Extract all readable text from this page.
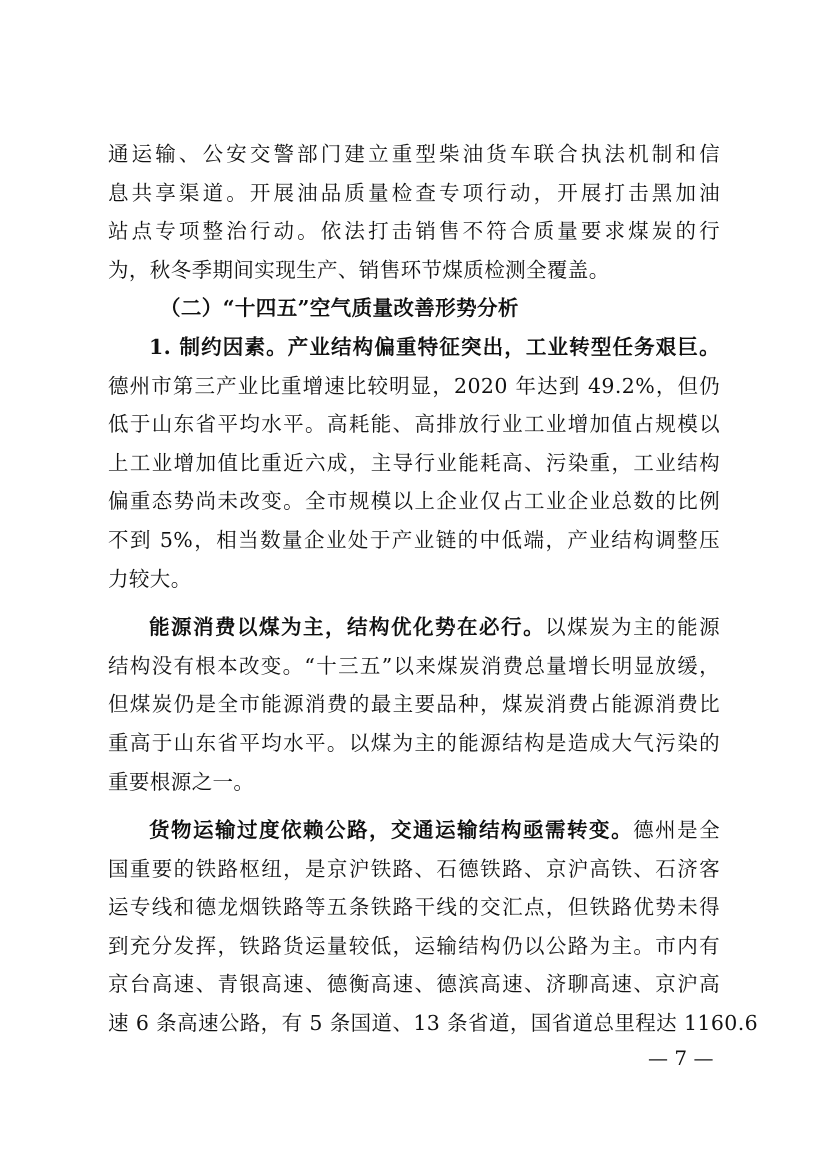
通运输、公安交警部门建立重型柴油货车联合执法机制和信
息共享渠道。开展油品质量检查专项行动，开展打击黑加油
站点专项整治行动。依法打击销售不符合质量要求煤炭的行
为，秋冬季期间实现生产、销售环节煤质检测全覆盖。

（二）“十四五”空气质量改善形势分析

1. 制约因素。产业结构偏重特征突出，工业转型任务艰巨。
德州市第三产业比重增速比较明显，2020 年达到 49.2%，但仍
低于山东省平均水平。高耗能、高排放行业工业增加值占规模以
上工业增加值比重近六成，主导行业能耗高、污染重，工业结构
偏重态势尚未改变。全市规模以上企业仅占工业企业总数的比例
不到 5%，相当数量企业处于产业链的中低端，产业结构调整压
力较大。

能源消费以煤为主，结构优化势在必行。以煤炭为主的能源
结构没有根本改变。“十三五”以来煤炭消费总量增长明显放缓，
但煤炭仍是全市能源消费的最主要品种，煤炭消费占能源消费比
重高于山东省平均水平。以煤为主的能源结构是造成大气污染的
重要根源之一。

货物运输过度依赖公路，交通运输结构亟需转变。德州是全
国重要的铁路枢纽，是京沪铁路、石德铁路、京沪高铁、石济客
运专线和德龙烟铁路等五条铁路干线的交汇点，但铁路优势未得
到充分发挥，铁路货运量较低，运输结构仍以公路为主。市内有
京台高速、青银高速、德衡高速、德滨高速、济聊高速、京沪高
速 6 条高速公路，有 5 条国道、13 条省道，国省道总里程达 1160.6

— 7 —
